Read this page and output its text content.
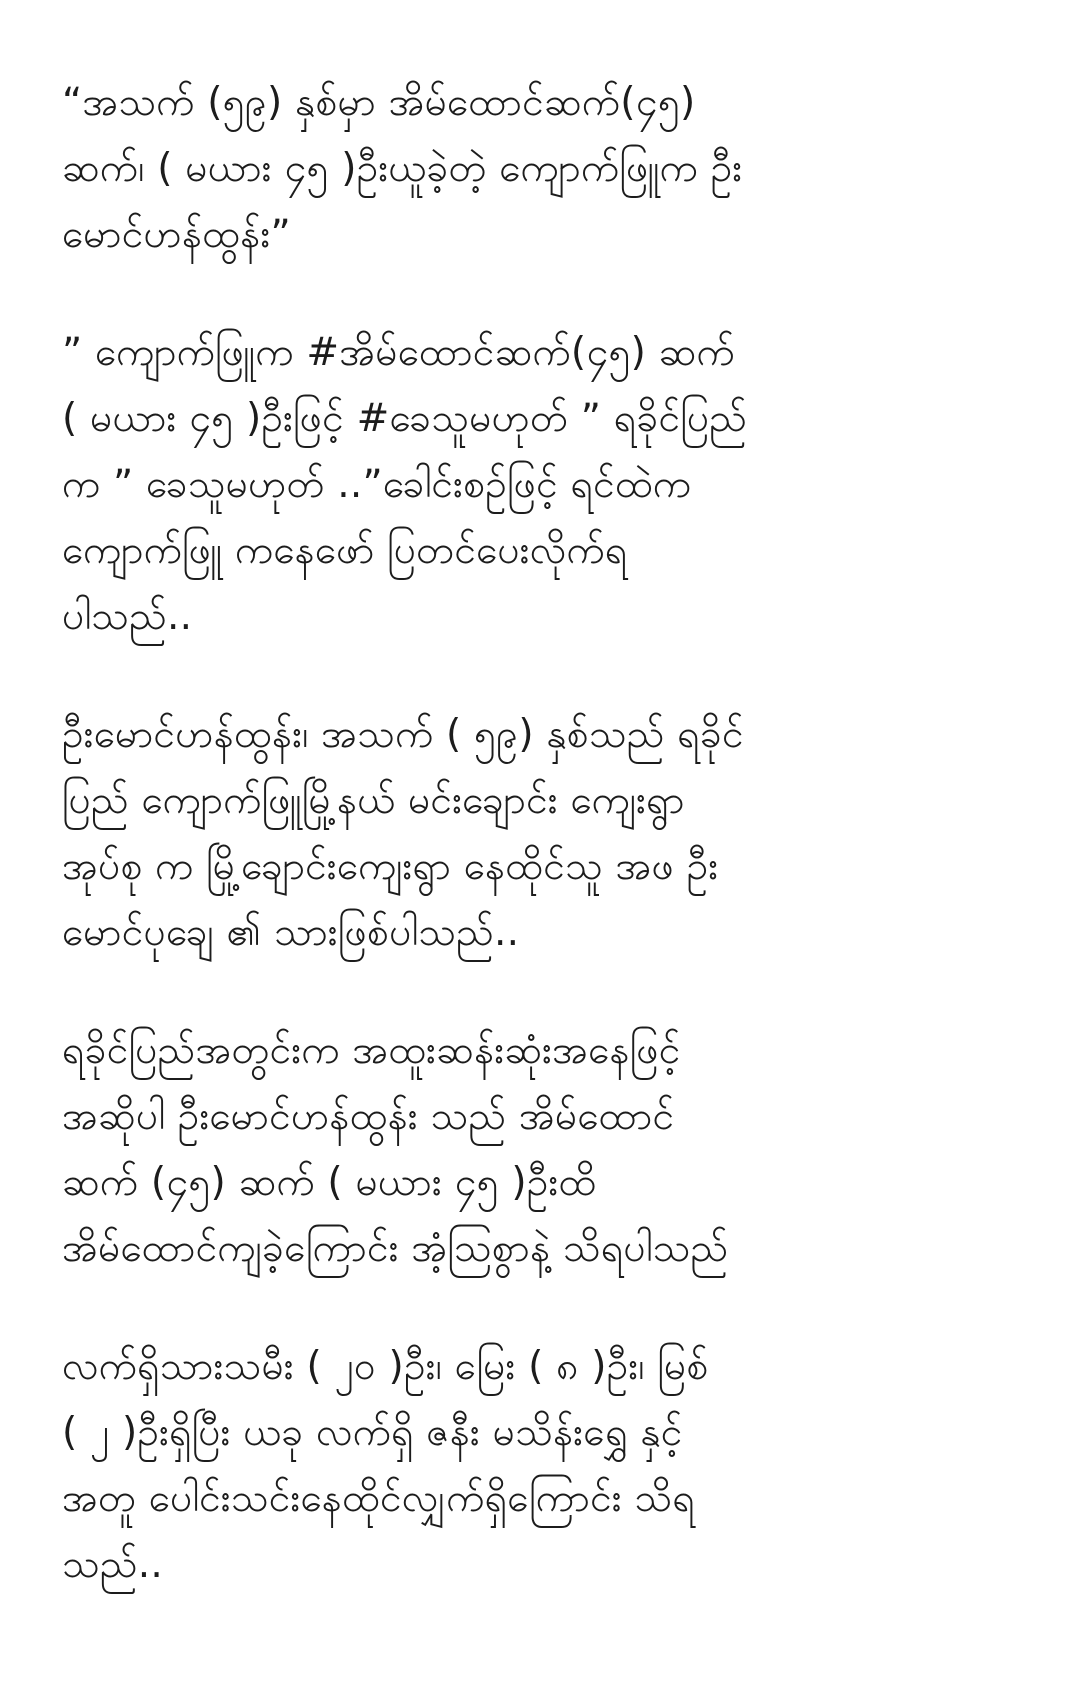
“အသက် (၅၉) နှစ်မှာ အိမ်ထောင်ဆက်(၄၅)
ဆက်၊ ( မယား ၄၅ )ဦးယူခဲ့တဲ့ ကျောက်ဖြူက ဦး
မောင်ဟန်ထွန်း”

” ကျောက်ဖြူက #အိမ်ထောင်ဆက်(၄၅) ဆက်
( မယား ၄၅ )ဦးဖြင့် #ခေသူမဟုတ် ” ရခိုင်ပြည်
က ” ခေသူမဟုတ် ..”ခေါင်းစဉ်ဖြင့် ရင်ထဲက
ကျောက်ဖြူ ကနေဖော် ပြတင်ပေးလိုက်ရ
ပါသည်..

ဦးမောင်ဟန်ထွန်း၊ အသက် ( ၅၉) နှစ်သည် ရခိုင်
ပြည် ကျောက်ဖြူမြို့နယ် မင်းချောင်း ကျေးရွာ
အုပ်စု က မြို့ချောင်းကျေးရွာ နေထိုင်သူ အဖ ဦး
မောင်ပုချေ ၏ သားဖြစ်ပါသည်..

ရခိုင်ပြည်အတွင်းက အထူးဆန်းဆုံးအနေဖြင့်
အဆိုပါ ဦးမောင်ဟန်ထွန်း သည် အိမ်ထောင်
ဆက် (၄၅) ဆက် ( မယား ၄၅ )ဦးထိ
အိမ်ထောင်ကျခဲ့ကြောင်း အံ့သြစွာနဲ့ သိရပါသည်

လက်ရှိသားသမီး ( ၂၀ )ဦး၊ မြေး ( ၈ )ဦး၊ မြစ်
( ၂ )ဦးရှိပြီး ယခု လက်ရှိ ဇနီး မသိန်းရွှေ နှင့်
အတူ ပေါင်းသင်းနေထိုင်လျှက်ရှိကြောင်း သိရ
သည်..
